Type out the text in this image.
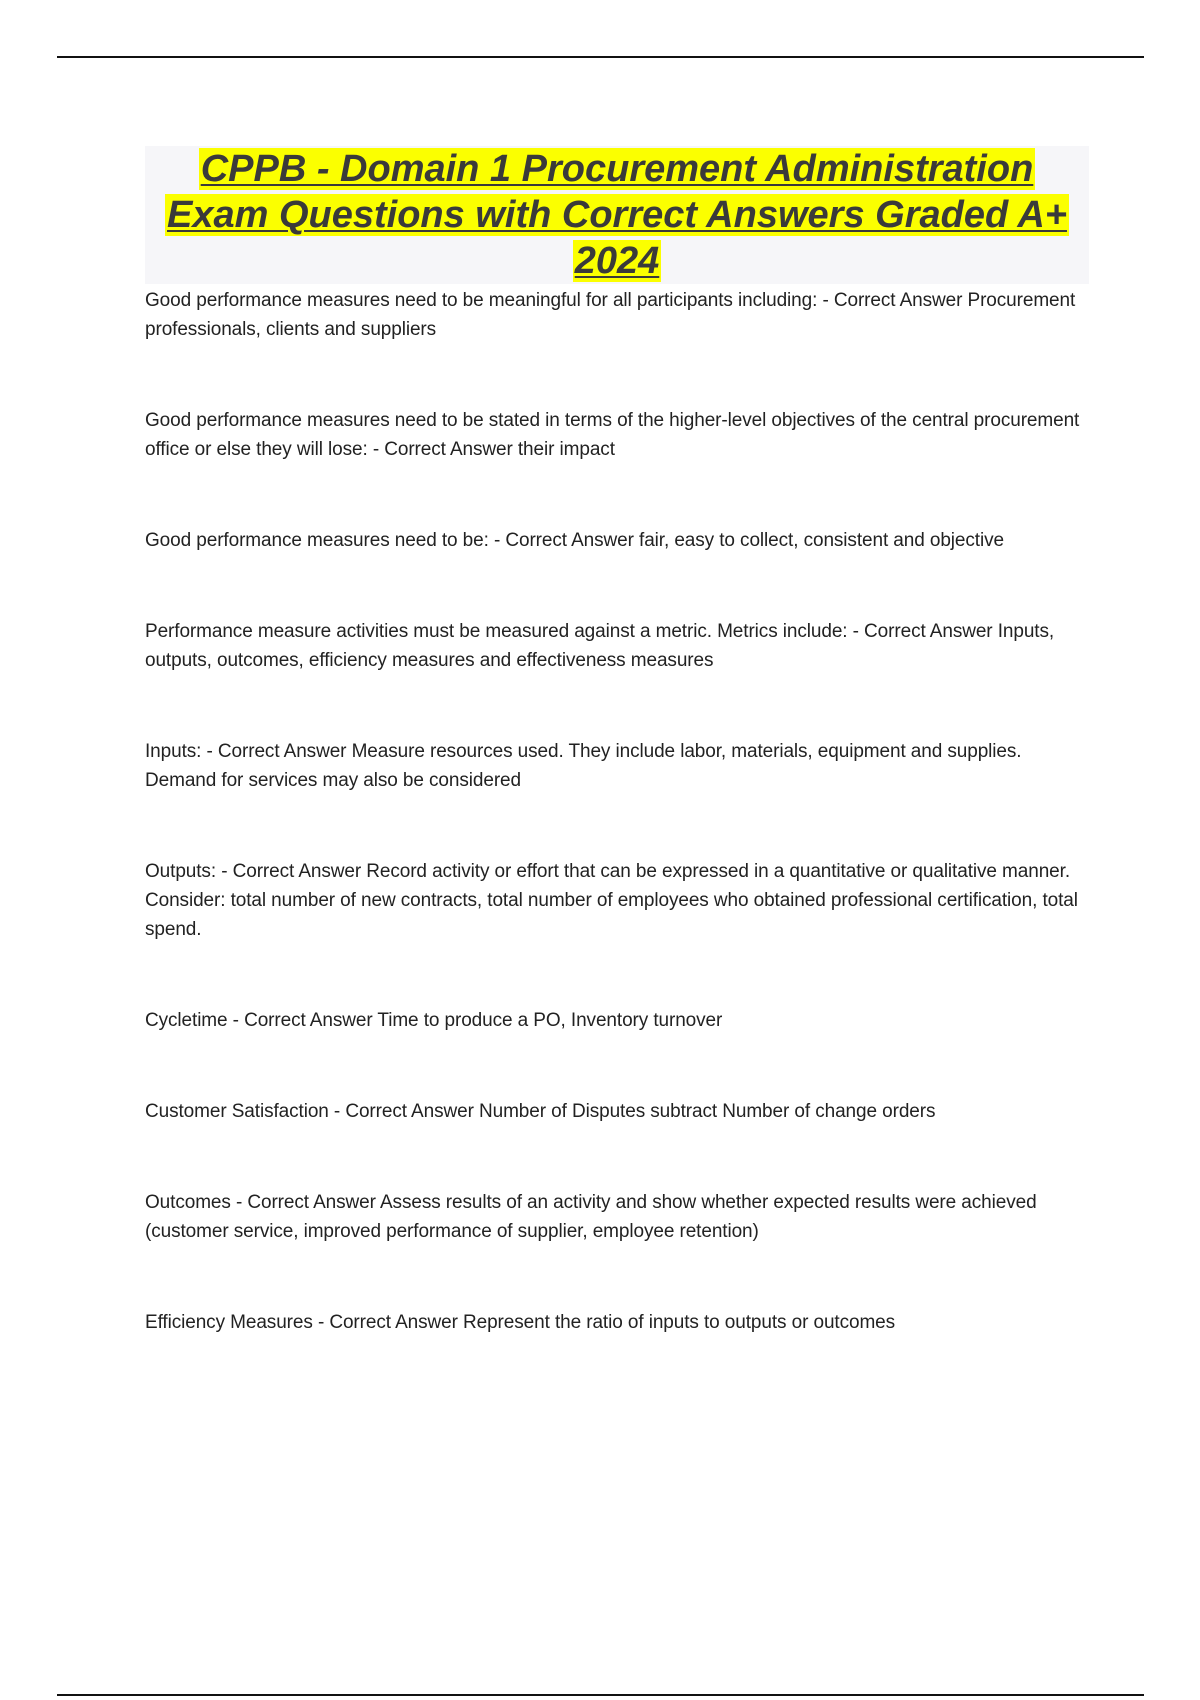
CPPB - Domain 1 Procurement Administration Exam Questions with Correct Answers Graded A+ 2024
Good performance measures need to be meaningful for all participants including: - Correct Answer Procurement professionals, clients and suppliers
Good performance measures need to be stated in terms of the higher-level objectives of the central procurement office or else they will lose: - Correct Answer their impact
Good performance measures need to be: - Correct Answer fair, easy to collect, consistent and objective
Performance measure activities must be measured against a metric. Metrics include: - Correct Answer Inputs, outputs, outcomes, efficiency measures and effectiveness measures
Inputs: - Correct Answer Measure resources used. They include labor, materials, equipment and supplies. Demand for services may also be considered
Outputs: - Correct Answer Record activity or effort that can be expressed in a quantitative or qualitative manner. Consider: total number of new contracts, total number of employees who obtained professional certification, total spend.
Cycletime - Correct Answer Time to produce a PO, Inventory turnover
Customer Satisfaction - Correct Answer Number of Disputes subtract Number of change orders
Outcomes - Correct Answer Assess results of an activity and show whether expected results were achieved (customer service, improved performance of supplier, employee retention)
Efficiency Measures - Correct Answer Represent the ratio of inputs to outputs or outcomes
